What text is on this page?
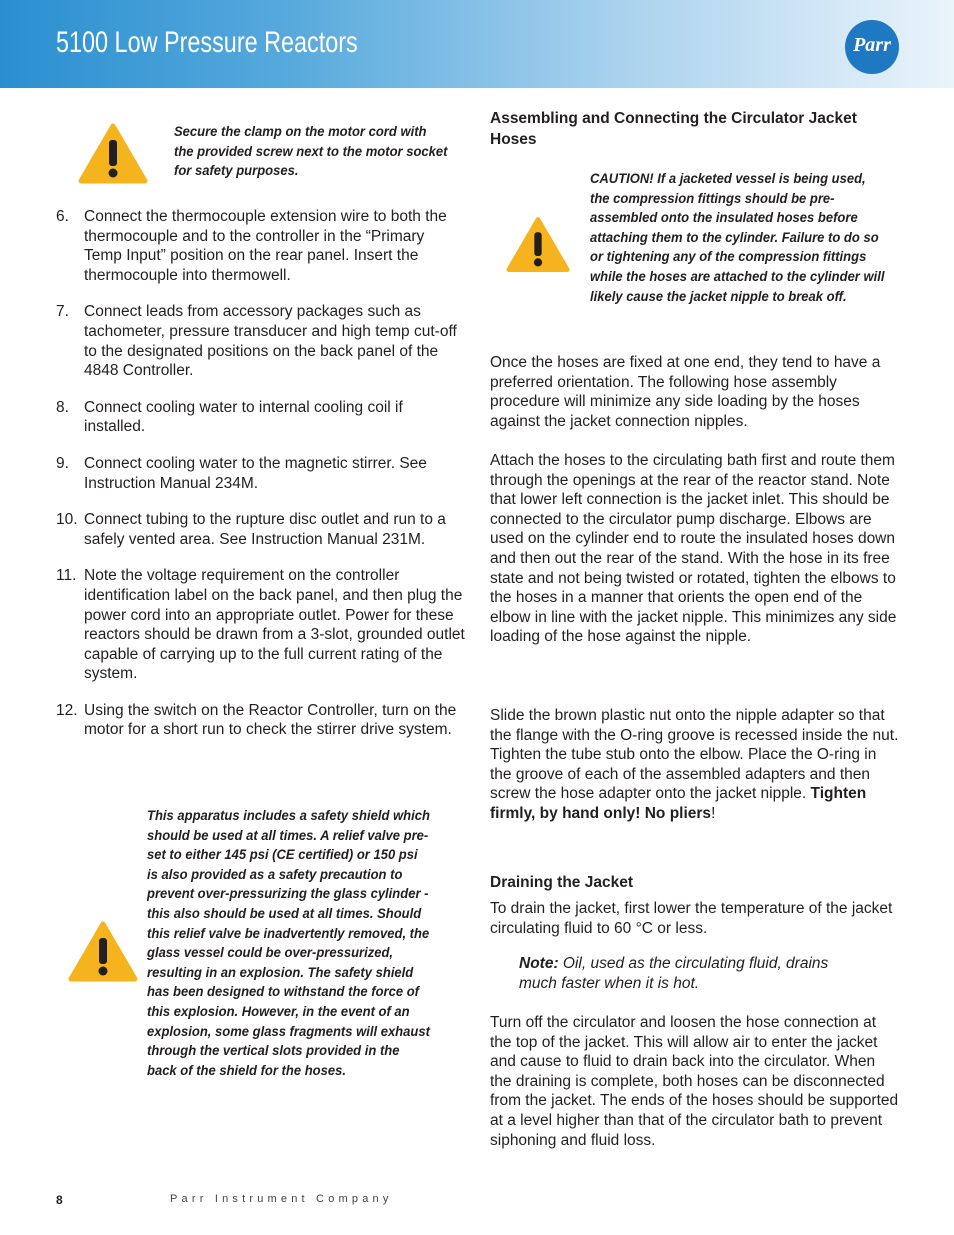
5100 Low Pressure Reactors	Parr
Secure the clamp on the motor cord with the provided screw next to the motor socket for safety purposes.
6. Connect the thermocouple extension wire to both the thermocouple and to the controller in the “Primary Temp Input” position on the rear panel. Insert the thermocouple into thermowell.
7. Connect leads from accessory packages such as tachometer, pressure transducer and high temp cut-off to the designated positions on the back panel of the 4848 Controller.
8. Connect cooling water to internal cooling coil if installed.
9. Connect cooling water to the magnetic stirrer. See Instruction Manual 234M.
10. Connect tubing to the rupture disc outlet and run to a safely vented area. See Instruction Manual 231M.
11. Note the voltage requirement on the controller identification label on the back panel, and then plug the power cord into an appropriate outlet. Power for these reactors should be drawn from a 3-slot, grounded outlet capable of carrying up to the full current rating of the system.
12. Using the switch on the Reactor Controller, turn on the motor for a short run to check the stirrer drive system.
This apparatus includes a safety shield which should be used at all times. A relief valve pre-set to either 145 psi (CE certified) or 150 psi is also provided as a safety precaution to prevent over-pressurizing the glass cylinder - this also should be used at all times. Should this relief valve be inadvertently removed, the glass vessel could be over-pressurized, resulting in an explosion. The safety shield has been designed to withstand the force of this explosion. However, in the event of an explosion, some glass fragments will exhaust through the vertical slots provided in the back of the shield for the hoses.
Assembling and Connecting the Circulator Jacket Hoses
CAUTION! If a jacketed vessel is being used, the compression fittings should be pre-assembled onto the insulated hoses before attaching them to the cylinder. Failure to do so or tightening any of the compression fittings while the hoses are attached to the cylinder will likely cause the jacket nipple to break off.

Once the hoses are fixed at one end, they tend to have a preferred orientation. The following hose assembly procedure will minimize any side loading by the hoses against the jacket connection nipples.

Attach the hoses to the circulating bath first and route them through the openings at the rear of the reactor stand. Note that lower left connection is the jacket inlet. This should be connected to the circulator pump discharge. Elbows are used on the cylinder end to route the insulated hoses down and then out the rear of the stand. With the hose in its free state and not being twisted or rotated, tighten the elbows to the hoses in a manner that orients the open end of the elbow in line with the jacket nipple. This minimizes any side loading of the hose against the nipple.

Slide the brown plastic nut onto the nipple adapter so that the flange with the O-ring groove is recessed inside the nut. Tighten the tube stub onto the elbow. Place the O-ring in the groove of each of the assembled adapters and then screw the hose adapter onto the jacket nipple. Tighten firmly, by hand only! No pliers!

Draining the Jacket

To drain the jacket, first lower the temperature of the jacket circulating fluid to 60 °C or less.

Note: Oil, used as the circulating fluid, drains much faster when it is hot.

Turn off the circulator and loosen the hose connection at the top of the jacket. This will allow air to enter the jacket and cause to fluid to drain back into the circulator. When the draining is complete, both hoses can be disconnected from the jacket. The ends of the hoses should be supported at a level higher than that of the circulator bath to prevent siphoning and fluid loss.

8	Parr Instrument Company
